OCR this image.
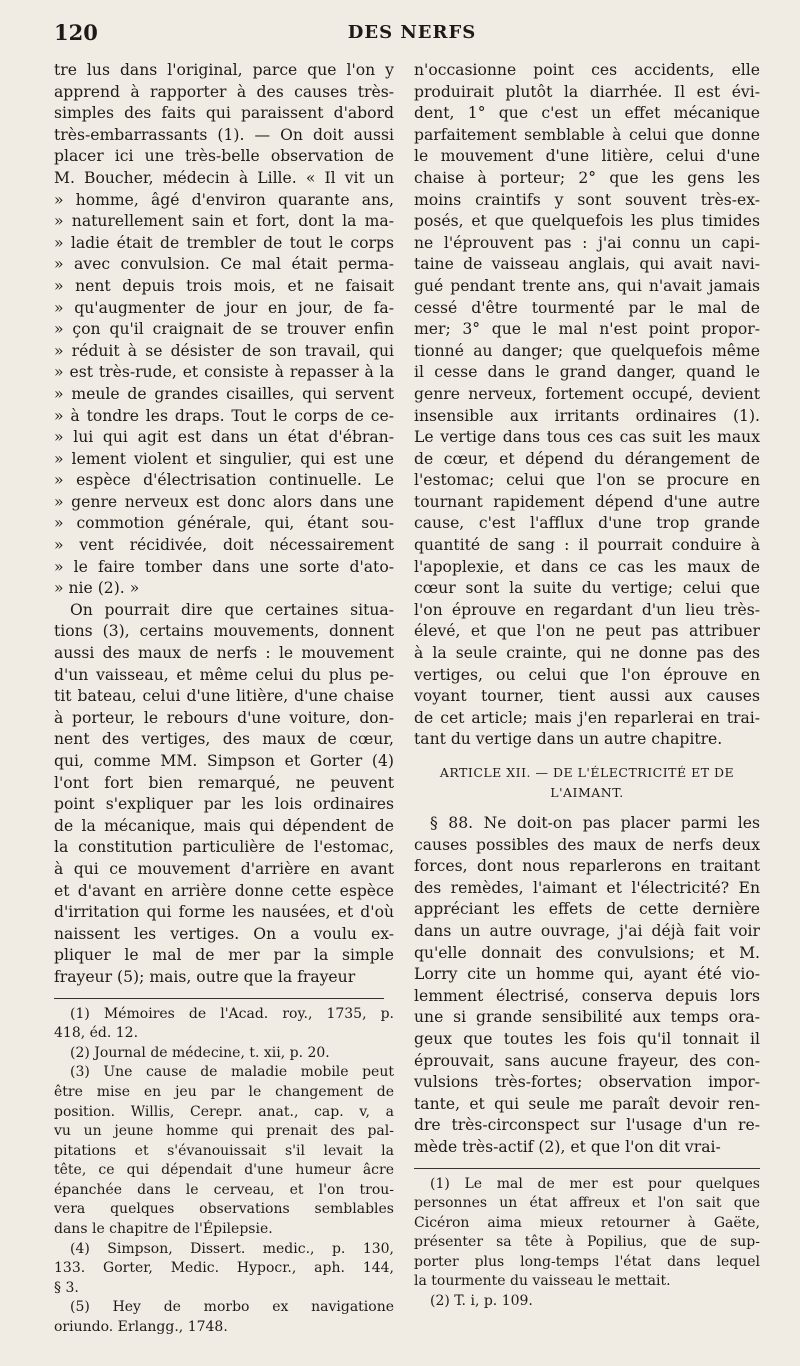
120	DES NERFS

tre lus dans l'original, parce que l'on y
apprend à rapporter à des causes très-
simples des faits qui paraissent d'abord
très-embarrassants (1). — On doit aussi
placer ici une très-belle observation de
M. Boucher, médecin à Lille. « Il vit un
» homme, âgé d'environ quarante ans,
» naturellement sain et fort, dont la ma-
» ladie était de trembler de tout le corps
» avec convulsion. Ce mal était perma-
» nent depuis trois mois, et ne faisait
» qu'augmenter de jour en jour, de fa-
» çon qu'il craignait de se trouver enfin
» réduit à se désister de son travail, qui
» est très-rude, et consiste à repasser à la
» meule de grandes cisailles, qui servent
» à tondre les draps. Tout le corps de ce-
» lui qui agit est dans un état d'ébran-
» lement violent et singulier, qui est une
» espèce d'électrisation continuelle. Le
» genre nerveux est donc alors dans une
» commotion générale, qui, étant sou-
» vent récidivée, doit nécessairement
» le faire tomber dans une sorte d'ato-
» nie (2). »

On pourrait dire que certaines situa-
tions (3), certains mouvements, donnent
aussi des maux de nerfs : le mouvement
d'un vaisseau, et même celui du plus pe-
tit bateau, celui d'une litière, d'une chaise
à porteur, le rebours d'une voiture, don-
nent des vertiges, des maux de cœur,
qui, comme MM. Simpson et Gorter (4)
l'ont fort bien remarqué, ne peuvent
point s'expliquer par les lois ordinaires
de la mécanique, mais qui dépendent de
la constitution particulière de l'estomac,
à qui ce mouvement d'arrière en avant
et d'avant en arrière donne cette espèce
d'irritation qui forme les nausées, et d'où
naissent les vertiges. On a voulu ex-
pliquer le mal de mer par la simple
frayeur (5); mais, outre que la frayeur

(1) Mémoires de l'Acad. roy., 1735, p.
418, éd. 12.
(2) Journal de médecine, t. xii, p. 20.
(3) Une cause de maladie mobile peut
être mise en jeu par le changement de
position. Willis, Cerepr. anat., cap. v, a
vu un jeune homme qui prenait des pal-
pitations et s'évanouissait s'il levait la
tête, ce qui dépendait d'une humeur âcre
épanchée dans le cerveau, et l'on trou-
vera quelques observations semblables
dans le chapitre de l'Épilepsie.
(4) Simpson, Dissert. medic., p. 130,
133. Gorter, Medic. Hypocr., aph. 144,
§ 3.
(5) Hey de morbo ex navigatione
oriundo. Erlangg., 1748.

n'occasionne point ces accidents, elle
produirait plutôt la diarrhée. Il est évi-
dent, 1° que c'est un effet mécanique
parfaitement semblable à celui que donne
le mouvement d'une litière, celui d'une
chaise à porteur; 2° que les gens les
moins craintifs y sont souvent très-ex-
posés, et que quelquefois les plus timides
ne l'éprouvent pas : j'ai connu un capi-
taine de vaisseau anglais, qui avait navi-
gué pendant trente ans, qui n'avait jamais
cessé d'être tourmenté par le mal de
mer; 3° que le mal n'est point propor-
tionné au danger; que quelquefois même
il cesse dans le grand danger, quand le
genre nerveux, fortement occupé, devient
insensible aux irritants ordinaires (1).
Le vertige dans tous ces cas suit les maux
de cœur, et dépend du dérangement de
l'estomac; celui que l'on se procure en
tournant rapidement dépend d'une autre
cause, c'est l'afflux d'une trop grande
quantité de sang : il pourrait conduire à
l'apoplexie, et dans ce cas les maux de
cœur sont la suite du vertige; celui que
l'on éprouve en regardant d'un lieu très-
élevé, et que l'on ne peut pas attribuer
à la seule crainte, qui ne donne pas des
vertiges, ou celui que l'on éprouve en
voyant tourner, tient aussi aux causes
de cet article; mais j'en reparlerai en trai-
tant du vertige dans un autre chapitre.

ARTICLE XII. — DE L'ÉLECTRICITÉ ET DE
L'AIMANT.

§ 88. Ne doit-on pas placer parmi les
causes possibles des maux de nerfs deux
forces, dont nous reparlerons en traitant
des remèdes, l'aimant et l'électricité? En
appréciant les effets de cette dernière
dans un autre ouvrage, j'ai déjà fait voir
qu'elle donnait des convulsions; et M.
Lorry cite un homme qui, ayant été vio-
lemment électrisé, conserva depuis lors
une si grande sensibilité aux temps ora-
geux que toutes les fois qu'il tonnait il
éprouvait, sans aucune frayeur, des con-
vulsions très-fortes; observation impor-
tante, et qui seule me paraît devoir ren-
dre très-circonspect sur l'usage d'un re-
mède très-actif (2), et que l'on dit vrai-

(1) Le mal de mer est pour quelques
personnes un état affreux et l'on sait que
Cicéron aima mieux retourner à Gaëte,
présenter sa tête à Popilius, que de sup-
porter plus long-temps l'état dans lequel
la tourmente du vaisseau le mettait.
(2) T. i, p. 109.
